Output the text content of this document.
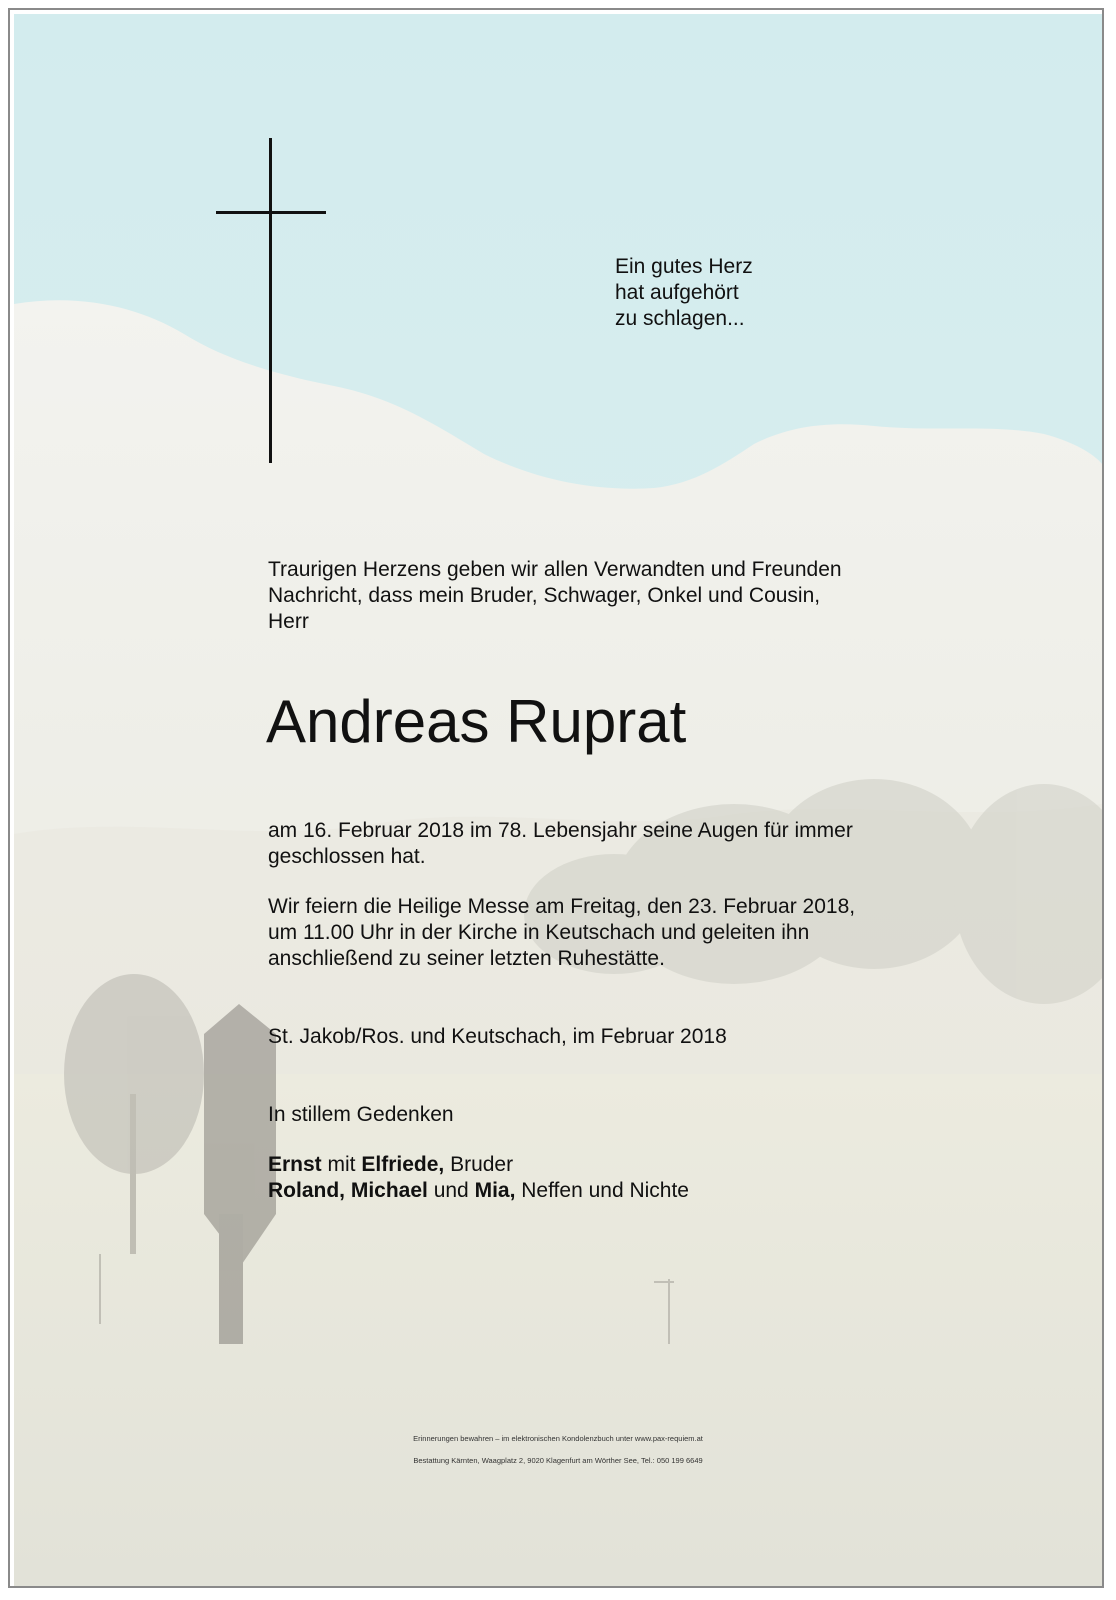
Ein gutes Herz
hat aufgehört
zu schlagen...
Traurigen Herzens geben wir allen Verwandten und Freunden
Nachricht, dass mein Bruder, Schwager, Onkel und Cousin,
Herr
Andreas Ruprat
am 16. Februar 2018 im 78. Lebensjahr seine Augen für immer
geschlossen hat.
Wir feiern die Heilige Messe am Freitag, den 23. Februar 2018,
um 11.00 Uhr in der Kirche in Keutschach und geleiten ihn
anschließend zu seiner letzten Ruhestätte.
St. Jakob/Ros. und Keutschach, im Februar 2018
In stillem Gedenken
Ernst mit Elfriede, Bruder
Roland, Michael und Mia, Neffen und Nichte
Erinnerungen bewahren – im elektronischen Kondolenzbuch unter www.pax-requiem.at
Bestattung Kärnten, Waagplatz 2, 9020 Klagenfurt am Wörther See, Tel.: 050 199 6649
